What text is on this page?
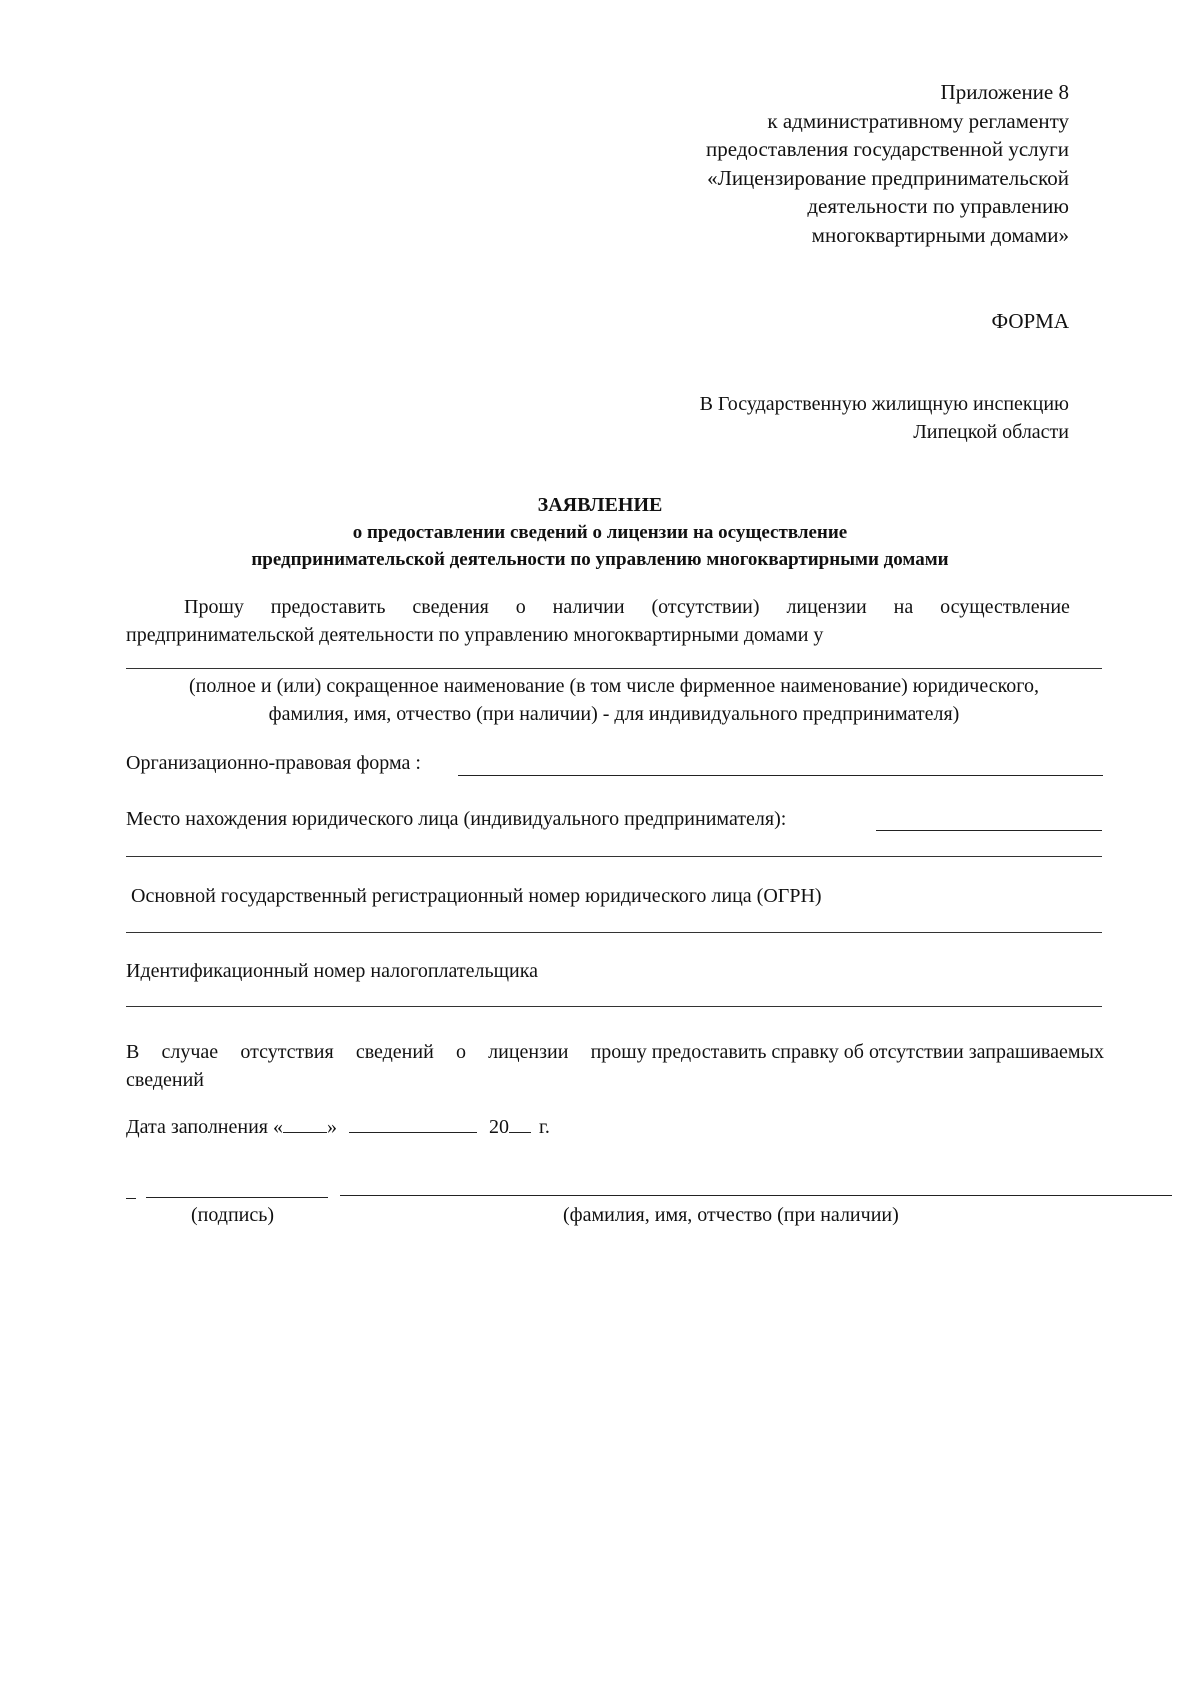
Приложение 8
к административному регламенту
предоставления государственной услуги
«Лицензирование предпринимательской
деятельности по управлению
многоквартирными домами»
ФОРМА
В Государственную жилищную инспекцию
Липецкой области
ЗАЯВЛЕНИЕ
о предоставлении сведений о лицензии на осуществление
предпринимательской деятельности по управлению многоквартирными домами
Прошу предоставить сведения о наличии (отсутствии) лицензии на осуществление
предпринимательской деятельности по управлению многоквартирными домами у
(полное и (или) сокращенное наименование (в том числе фирменное наименование) юридического,
фамилия, имя, отчество (при наличии) - для индивидуального предпринимателя)
Организационно-правовая форма :
Место нахождения юридического лица (индивидуального предпринимателя):
Основной государственный регистрационный номер юридического лица (ОГРН)
Идентификационный номер налогоплательщика
В случае отсутствия сведений о лицензии прошу предоставить справку об отсутствии запрашиваемых
сведений
Дата заполнения « »	20 г.
(подпись)	(фамилия, имя, отчество (при наличии)
